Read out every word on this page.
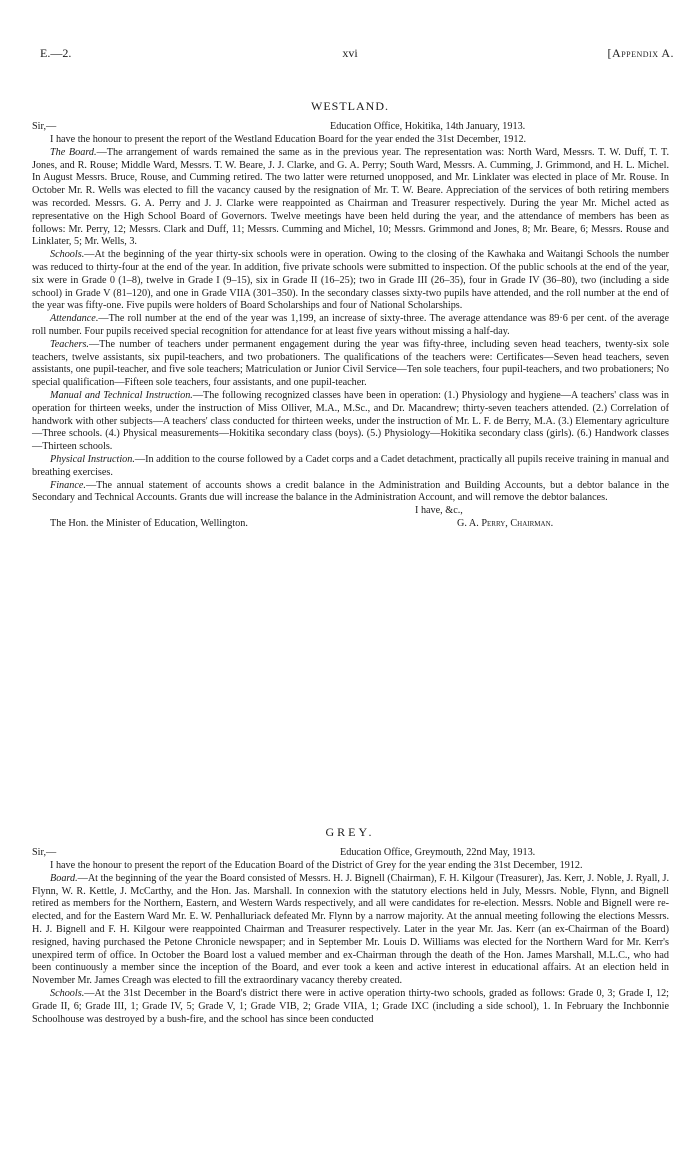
E.—2.	xvi	[Appendix A.
WESTLAND.
Sir,—	Education Office, Hokitika, 14th January, 1913.

I have the honour to present the report of the Westland Education Board for the year ended the 31st December, 1912.

The Board.—The arrangement of wards remained the same as in the previous year. The representation was: North Ward, Messrs. T. W. Duff, T. T. Jones, and R. Rouse; Middle Ward, Messrs. T. W. Beare, J. J. Clarke, and G. A. Perry; South Ward, Messrs. A. Cumming, J. Grimmond, and H. L. Michel. In August Messrs. Bruce, Rouse, and Cumming retired. The two latter were returned unopposed, and Mr. Linklater was elected in place of Mr. Rouse. In October Mr. R. Wells was elected to fill the vacancy caused by the resignation of Mr. T. W. Beare. Appreciation of the services of both retiring members was recorded. Messrs. G. A. Perry and J. J. Clarke were reappointed as Chairman and Treasurer respectively. During the year Mr. Michel acted as representative on the High School Board of Governors. Twelve meetings have been held during the year, and the attendance of members has been as follows: Mr. Perry, 12; Messrs. Clark and Duff, 11; Messrs. Cumming and Michel, 10; Messrs. Grimmond and Jones, 8; Mr. Beare, 6; Messrs. Rouse and Linklater, 5; Mr. Wells, 3.

Schools.—At the beginning of the year thirty-six schools were in operation. Owing to the closing of the Kawhaka and Waitangi Schools the number was reduced to thirty-four at the end of the year. In addition, five private schools were submitted to inspection. Of the public schools at the end of the year, six were in Grade 0 (1–8), twelve in Grade I (9–15), six in Grade II (16–25); two in Grade III (26–35), four in Grade IV (36–80), two (including a side school) in Grade V (81–120), and one in Grade VIIA (301–350). In the secondary classes sixty-two pupils have attended, and the roll number at the end of the year was fifty-one. Five pupils were holders of Board Scholarships and four of National Scholarships.

Attendance.—The roll number at the end of the year was 1,199, an increase of sixty-three. The average attendance was 89·6 per cent. of the average roll number. Four pupils received special recognition for attendance for at least five years without missing a half-day.

Teachers.—The number of teachers under permanent engagement during the year was fifty-three, including seven head teachers, twenty-six sole teachers, twelve assistants, six pupil-teachers, and two probationers. The qualifications of the teachers were: Certificates—Seven head teachers, seven assistants, one pupil-teacher, and five sole teachers; Matriculation or Junior Civil Service—Ten sole teachers, four pupil-teachers, and two probationers; No special qualification—Fifteen sole teachers, four assistants, and one pupil-teacher.

Manual and Technical Instruction.—The following recognized classes have been in operation: (1.) Physiology and hygiene—A teachers' class was in operation for thirteen weeks, under the instruction of Miss Olliver, M.A., M.Sc., and Dr. Macandrew; thirty-seven teachers attended. (2.) Correlation of handwork with other subjects—A teachers' class conducted for thirteen weeks, under the instruction of Mr. L. F. de Berry, M.A. (3.) Elementary agriculture—Three schools. (4.) Physical measurements—Hokitika secondary class (boys). (5.) Physiology—Hokitika secondary class (girls). (6.) Handwork classes—Thirteen schools.

Physical Instruction.—In addition to the course followed by a Cadet corps and a Cadet detachment, practically all pupils receive training in manual and breathing exercises.

Finance.—The annual statement of accounts shows a credit balance in the Administration and Building Accounts, but a debtor balance in the Secondary and Technical Accounts. Grants due will increase the balance in the Administration Account, and will remove the debtor balances.

I have, &c.,
The Hon. the Minister of Education, Wellington.	G. A. Perry, Chairman.
GREY.
Sir,—	Education Office, Greymouth, 22nd May, 1913.

I have the honour to present the report of the Education Board of the District of Grey for the year ending the 31st December, 1912.

Board.—At the beginning of the year the Board consisted of Messrs. H. J. Bignell (Chairman), F. H. Kilgour (Treasurer), Jas. Kerr, J. Noble, J. Ryall, J. Flynn, W. R. Kettle, J. McCarthy, and the Hon. Jas. Marshall. In connexion with the statutory elections held in July, Messrs. Noble, Flynn, and Bignell retired as members for the Northern, Eastern, and Western Wards respectively, and all were candidates for re-election. Messrs. Noble and Bignell were re-elected, and for the Eastern Ward Mr. E. W. Penhalluriack defeated Mr. Flynn by a narrow majority. At the annual meeting following the elections Messrs. H. J. Bignell and F. H. Kilgour were reappointed Chairman and Treasurer respectively. Later in the year Mr. Jas. Kerr (an ex-Chairman of the Board) resigned, having purchased the Petone Chronicle newspaper; and in September Mr. Louis D. Williams was elected for the Northern Ward for Mr. Kerr's unexpired term of office. In October the Board lost a valued member and ex-Chairman through the death of the Hon. James Marshall, M.L.C., who had been continuously a member since the inception of the Board, and ever took a keen and active interest in educational affairs. At an election held in November Mr. James Creagh was elected to fill the extraordinary vacancy thereby created.

Schools.—At the 31st December in the Board's district there were in active operation thirty-two schools, graded as follows: Grade 0, 3; Grade I, 12; Grade II, 6; Grade III, 1; Grade IV, 5; Grade V, 1; Grade VIB, 2; Grade VIIA, 1; Grade IXC (including a side school), 1. In February the Inchbonnie Schoolhouse was destroyed by a bush-fire, and the school has since been conducted
